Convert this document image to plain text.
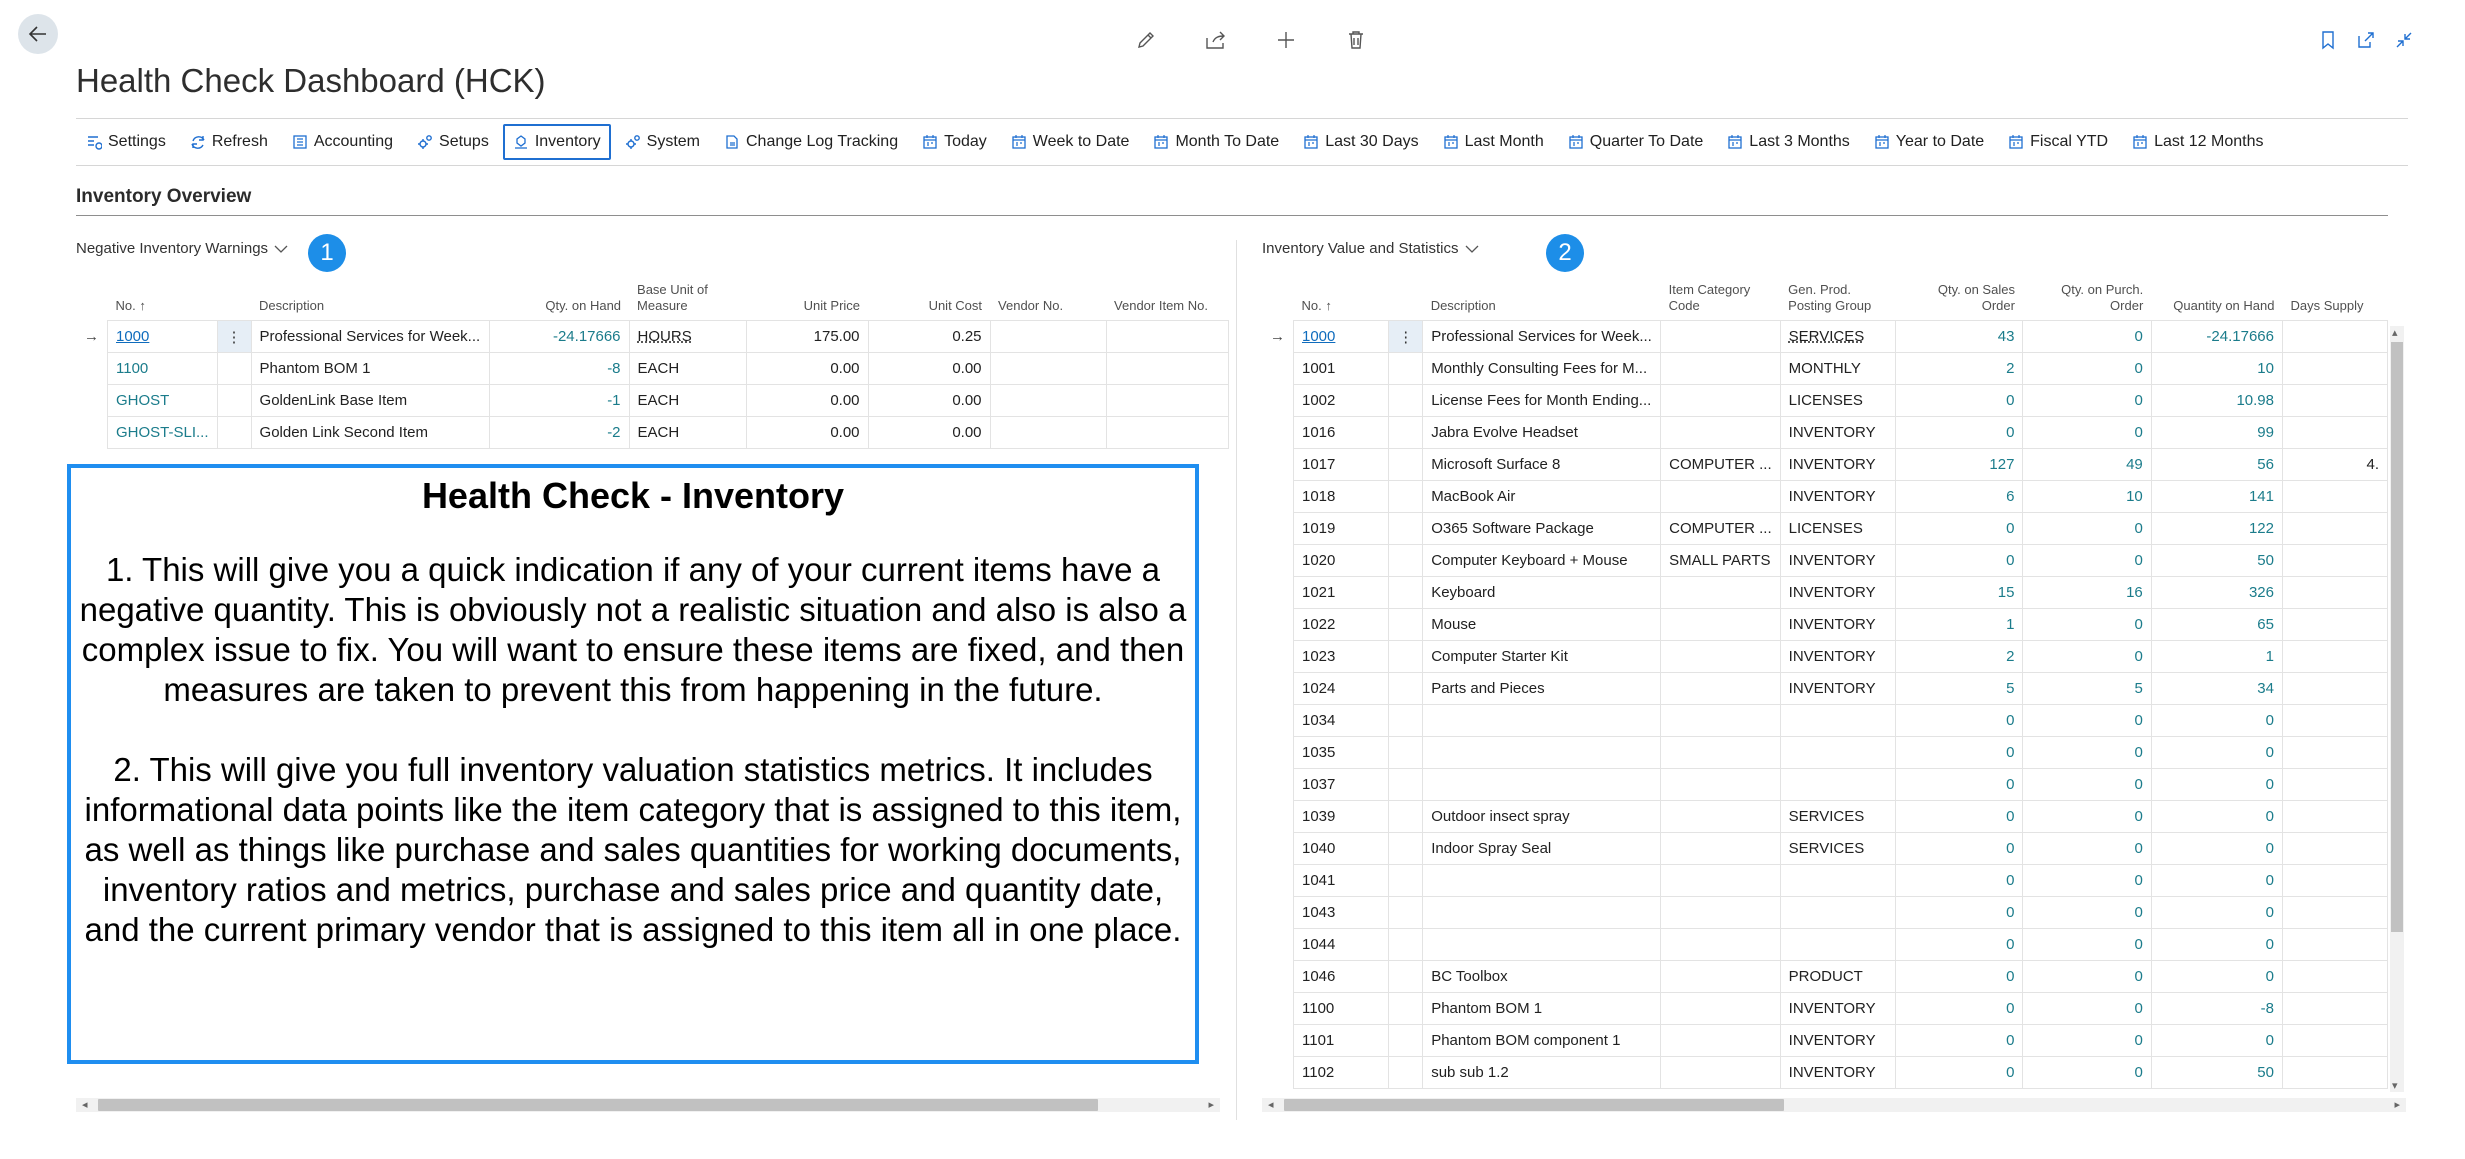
Health Check Dashboard (HCK)
Settings	Refresh	Accounting	Setups	Inventory	System	Change Log Tracking	Today	Week to Date	Month To Date	Last 30 Days	Last Month	Quarter To Date	Last 3 Months	Year to Date	Fiscal YTD	Last 12 Months
Inventory Overview
Negative Inventory Warnings	1
	No. ↑		Description	Qty. on Hand	Base Unit of Measure	Unit Price	Unit Cost	Vendor No.	Vendor Item No.
→	1000	⋮	Professional Services for Week...	-24.17666	HOURS	175.00	0.25		
	1100		Phantom BOM 1	-8	EACH	0.00	0.00		
	GHOST		GoldenLink Base Item	-1	EACH	0.00	0.00		
	GHOST-SLI...		Golden Link Second Item	-2	EACH	0.00	0.00		
◂	▸
Health Check - Inventory

1. This will give you a quick indication if any of your current items have a negative quantity. This is obviously not a realistic situation and also is also a complex issue to fix. You will want to ensure these items are fixed, and then measures are taken to prevent this from happening in the future.

2. This will give you full inventory valuation statistics metrics. It includes informational data points like the item category that is assigned to this item, as well as things like purchase and sales quantities for working documents, inventory ratios and metrics, purchase and sales price and quantity date, and the current primary vendor that is assigned to this item all in one place.

Inventory Value and Statistics	2
	No. ↑		Description	Item Category Code	Gen. Prod. Posting Group	Qty. on Sales Order	Qty. on Purch. Order	Quantity on Hand	Days Supply
→	1000	⋮	Professional Services for Week...		SERVICES	43	0	-24.17666	
	1001		Monthly Consulting Fees for M...		MONTHLY	2	0	10	
	1002		License Fees for Month Ending...		LICENSES	0	0	10.98	
	1016		Jabra Evolve Headset		INVENTORY	0	0	99	
	1017		Microsoft Surface 8	COMPUTER ...	INVENTORY	127	49	56	4.
	1018		MacBook Air		INVENTORY	6	10	141	
	1019		O365 Software Package	COMPUTER ...	LICENSES	0	0	122	
	1020		Computer Keyboard + Mouse	SMALL PARTS	INVENTORY	0	0	50	
	1021		Keyboard		INVENTORY	15	16	326	
	1022		Mouse		INVENTORY	1	0	65	
	1023		Computer Starter Kit		INVENTORY	2	0	1	
	1024		Parts and Pieces		INVENTORY	5	5	34	
	1034					0	0	0	
	1035					0	0	0	
	1037					0	0	0	
	1039		Outdoor insect spray		SERVICES	0	0	0	
	1040		Indoor Spray Seal		SERVICES	0	0	0	
	1041					0	0	0	
	1043					0	0	0	
	1044					0	0	0	
	1046		BC Toolbox		PRODUCT	0	0	0	
	1100		Phantom BOM 1		INVENTORY	0	0	-8	
	1101		Phantom BOM component 1		INVENTORY	0	0	0	
	1102		sub sub 1.2		INVENTORY	0	0	50	
▴
▾
◂	▸
